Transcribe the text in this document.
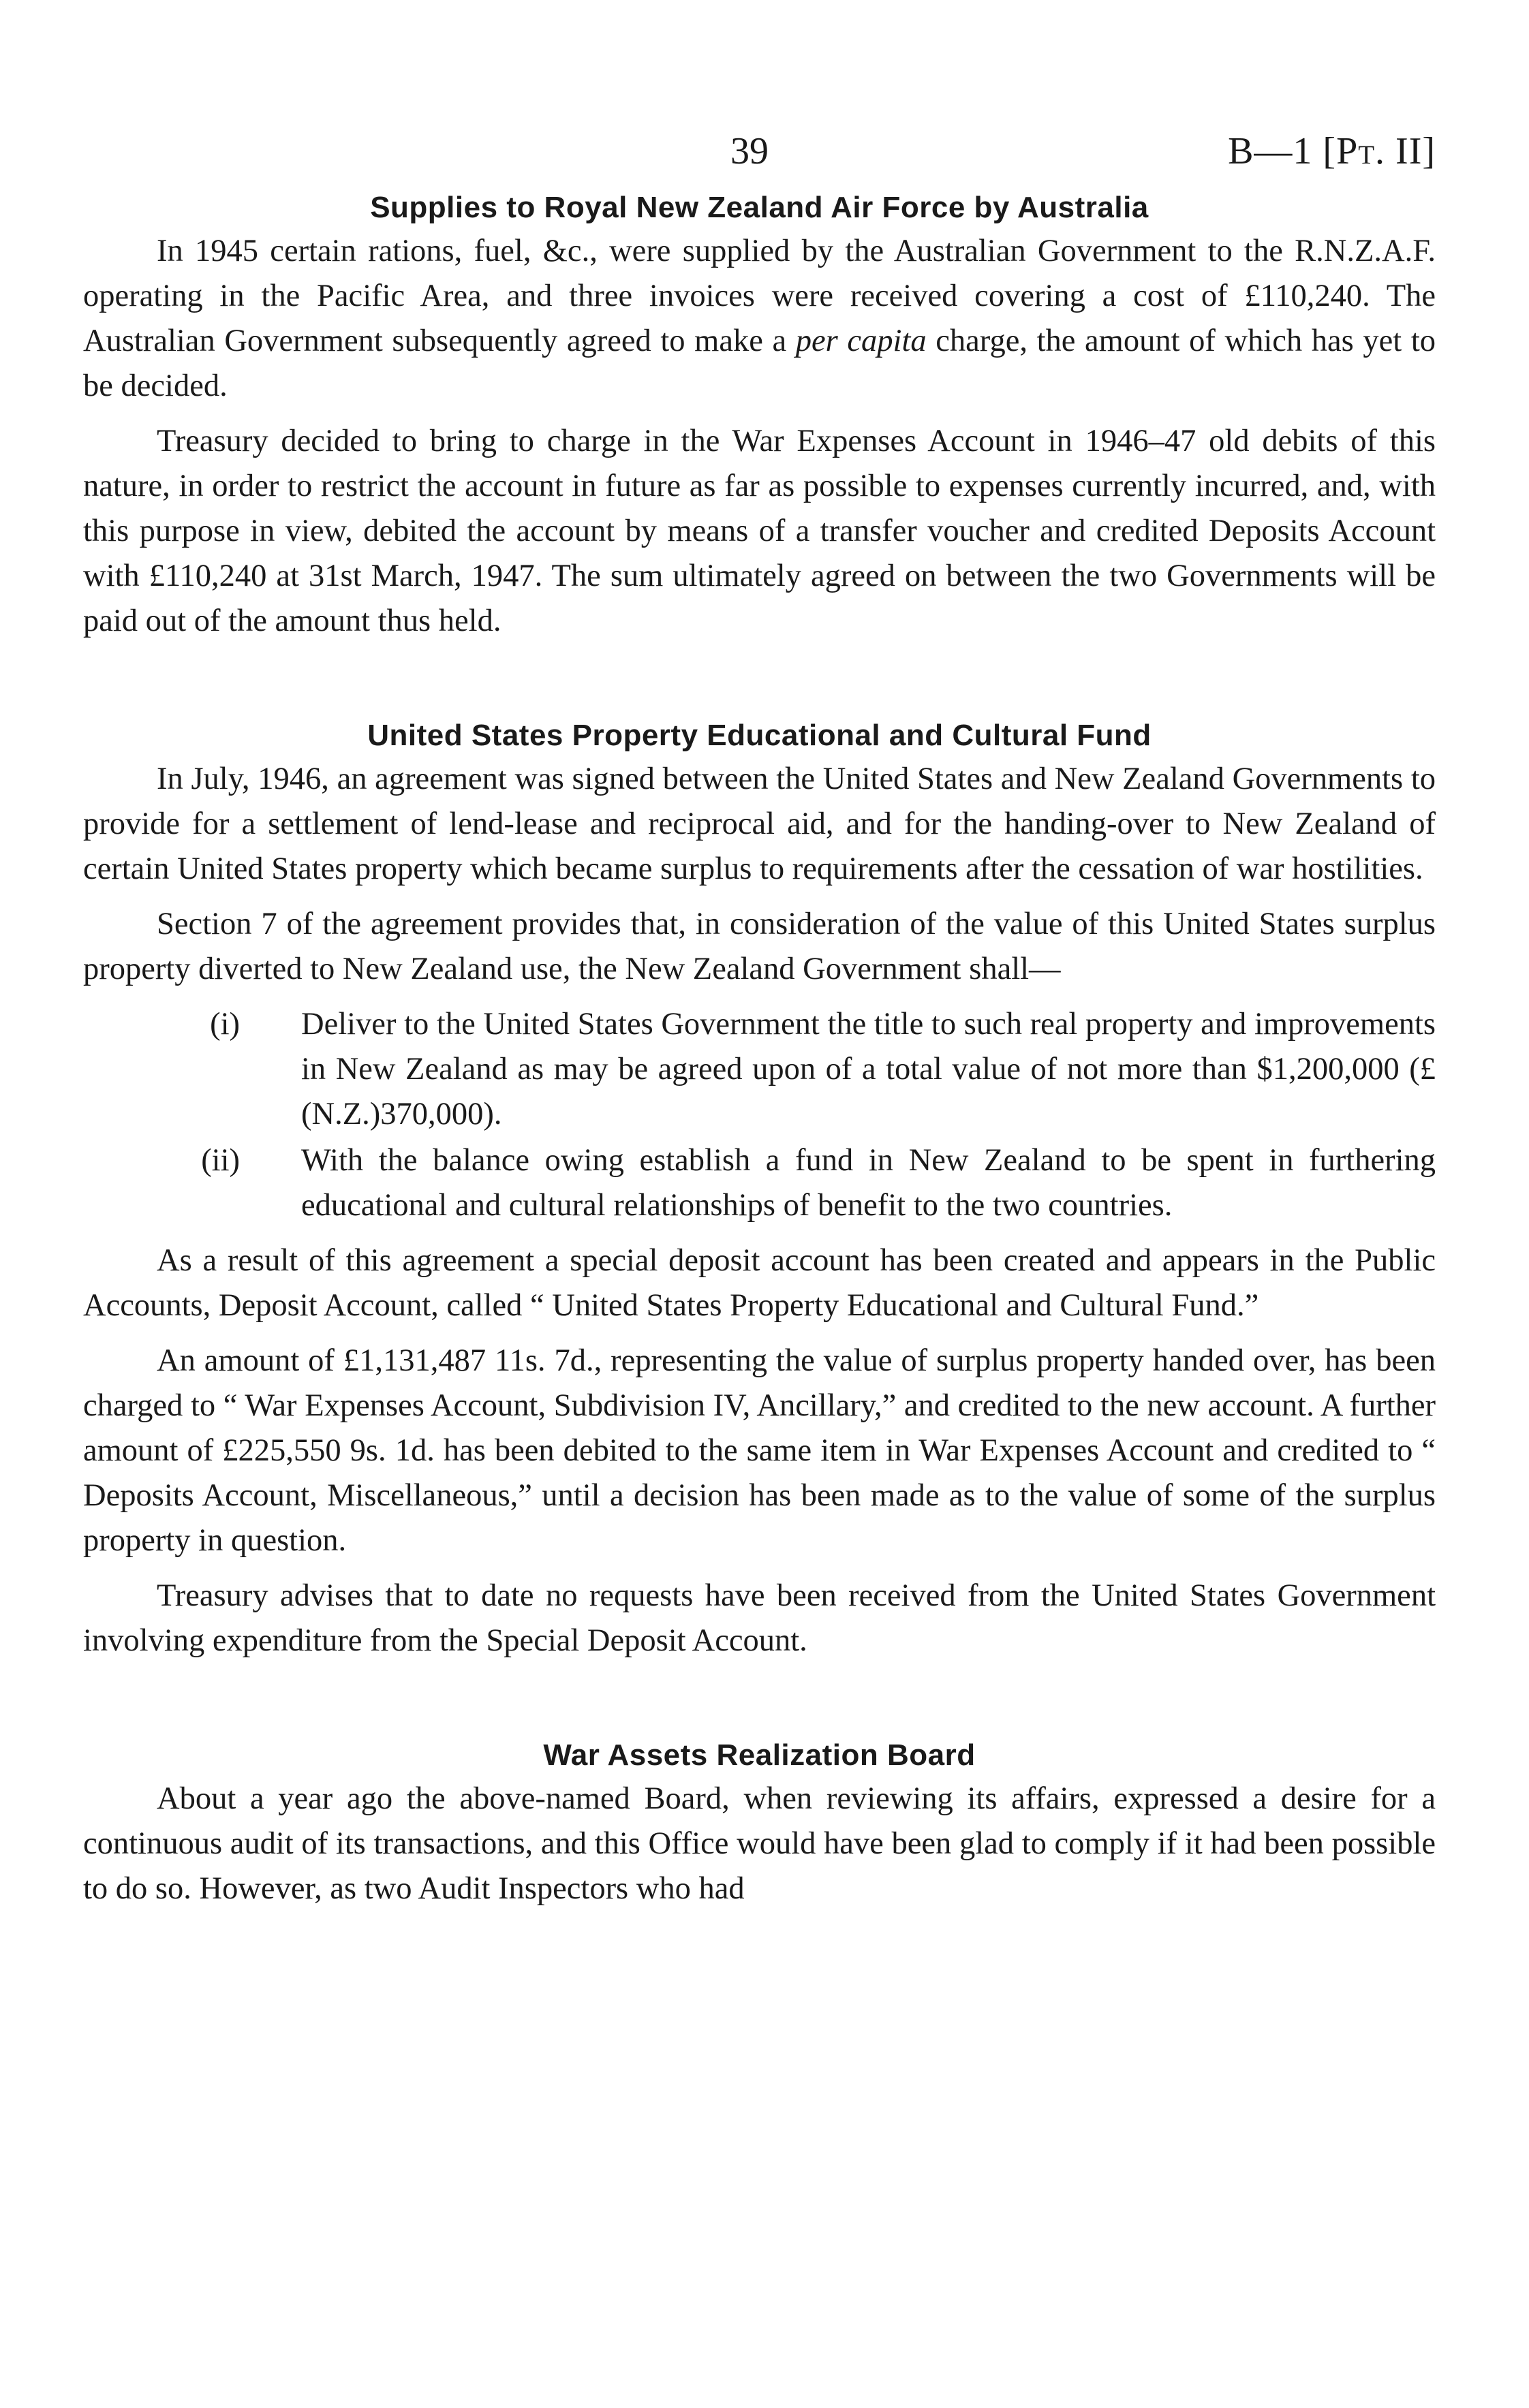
39	B—1 [Pt. II]
Supplies to Royal New Zealand Air Force by Australia

In 1945 certain rations, fuel, &c., were supplied by the Australian Government to the R.N.Z.A.F. operating in the Pacific Area, and three invoices were received covering a cost of £110,240. The Australian Government subsequently agreed to make a per capita charge, the amount of which has yet to be decided.

Treasury decided to bring to charge in the War Expenses Account in 1946–47 old debits of this nature, in order to restrict the account in future as far as possible to expenses currently incurred, and, with this purpose in view, debited the account by means of a transfer voucher and credited Deposits Account with £110,240 at 31st March, 1947. The sum ultimately agreed on between the two Governments will be paid out of the amount thus held.

United States Property Educational and Cultural Fund

In July, 1946, an agreement was signed between the United States and New Zealand Governments to provide for a settlement of lend-lease and reciprocal aid, and for the handing-over to New Zealand of certain United States property which became surplus to requirements after the cessation of war hostilities.

Section 7 of the agreement provides that, in consideration of the value of this United States surplus property diverted to New Zealand use, the New Zealand Government shall—

(i)	Deliver to the United States Government the title to such real property and improvements in New Zealand as may be agreed upon of a total value of not more than $1,200,000 (£(N.Z.)370,000).
(ii)	With the balance owing establish a fund in New Zealand to be spent in furthering educational and cultural relationships of benefit to the two countries.

As a result of this agreement a special deposit account has been created and appears in the Public Accounts, Deposit Account, called “ United States Property Educational and Cultural Fund.”

An amount of £1,131,487 11s. 7d., representing the value of surplus property handed over, has been charged to “ War Expenses Account, Subdivision IV, Ancillary,” and credited to the new account. A further amount of £225,550 9s. 1d. has been debited to the same item in War Expenses Account and credited to “ Deposits Account, Miscellaneous,” until a decision has been made as to the value of some of the surplus property in question.

Treasury advises that to date no requests have been received from the United States Government involving expenditure from the Special Deposit Account.

War Assets Realization Board

About a year ago the above-named Board, when reviewing its affairs, expressed a desire for a continuous audit of its transactions, and this Office would have been glad to comply if it had been possible to do so. However, as two Audit Inspectors who had
